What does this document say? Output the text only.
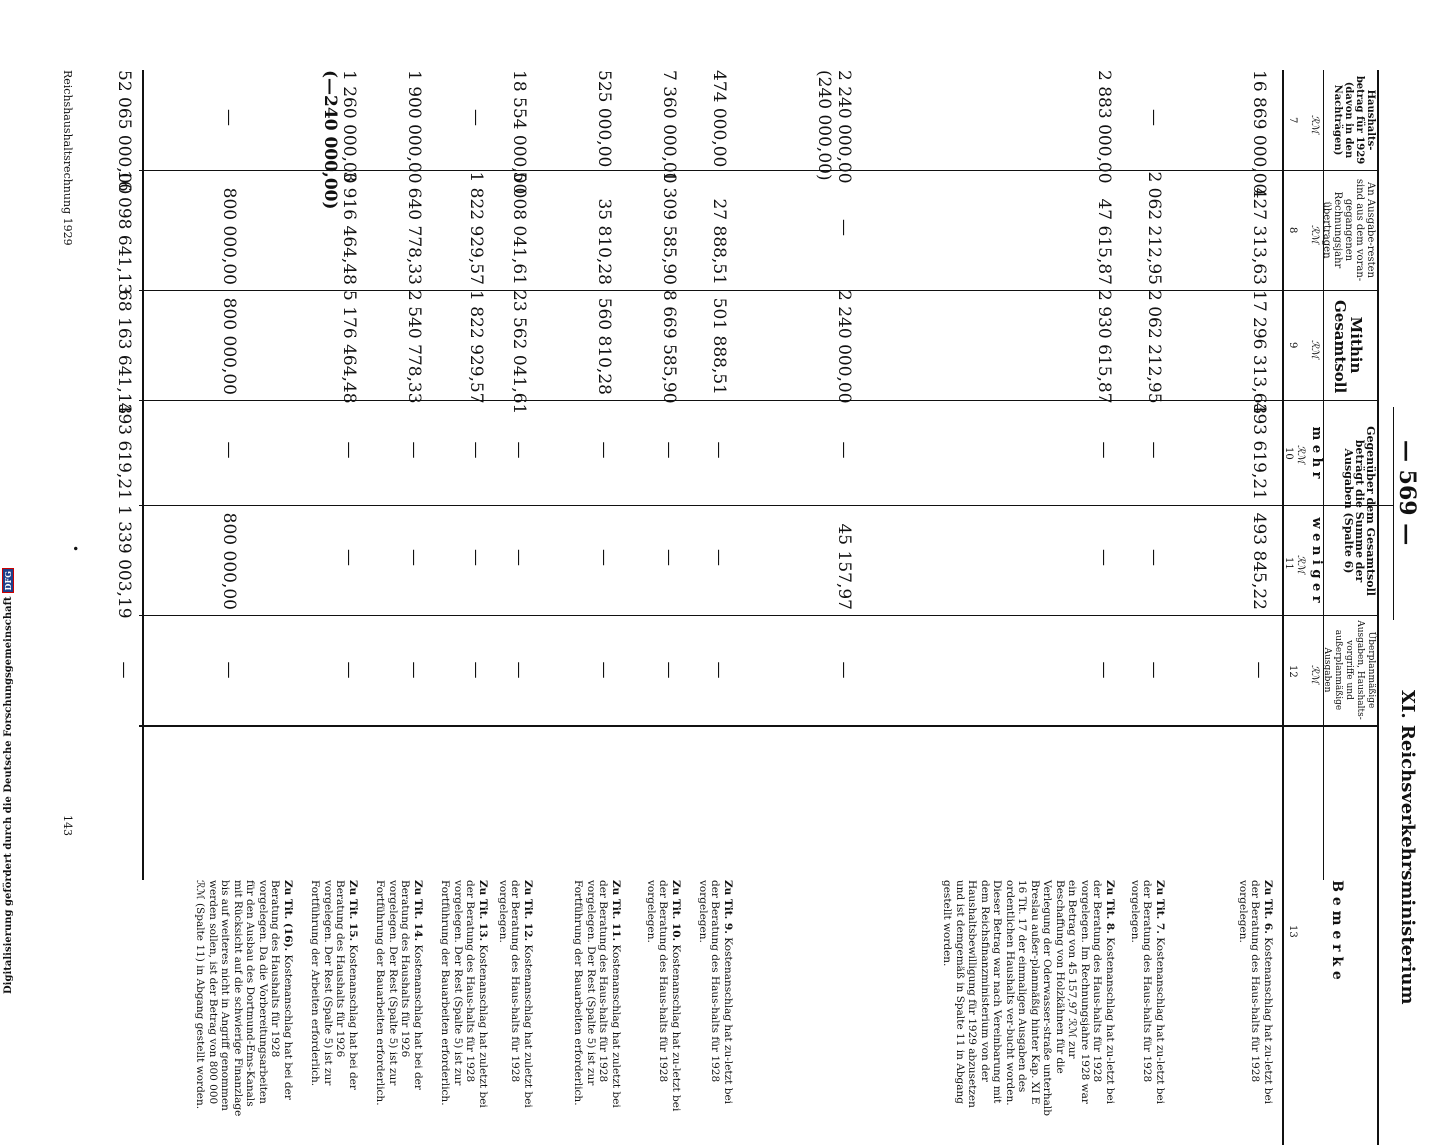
— 569 —
XI. Reichsverkehrsministerium
Haushalts-betrag für 1929 (davon in den Nachträgen)
An Ausgabe-resten sind aus dem voran-gegangenen Rechnungsjahr übertragen
Mithin Gesamtsoll
Gegenüber dem Gesamtsoll beträgt die Summe der Ausgaben (Spalte 6)
m e h r
w e n i g e r
Überplanmäßige Ausgaben, Haushalts-vorgriffe und außerplanmäßige Ausgaben
B e m e r k e
ℛℳ
ℛℳ
ℛℳ
ℛℳ
ℛℳ
ℛℳ
7
8
9
10
11
12
13
16 869 000,00
427 313,63
17 296 313,63
493 619,21
493 845,22
—
—
2 062 212,95
2 062 212,95
—
—
—
2 883 000,00
47 615,87
2 930 615,87
—
—
—
2 240 000,00
(240 000,00)
—
2 240 000,00
—
45 157,97
—
474 000,00
27 888,51
501 888,51
—
—
—
7 360 000,00
1 309 585,90
8 669 585,90
—
—
—
525 000,00
35 810,28
560 810,28
—
—
—
18 554 000,00
5 008 041,61
23 562 041,61
—
—
—
—
1 822 929,57
1 822 929,57
—
—
—
1 900 000,00
640 778,33
2 540 778,33
—
—
—
1 260 000,00
(—240 000,00)
3 916 464,48
5 176 464,48
—
—
—
—
800 000,00
800 000,00
—
800 000,00
—
52 065 000,00
16 098 641,13
68 163 641,13
493 619,21
1 339 003,19
—
Zu Tit. 6. Kostenanschlag hat zu-letzt bei der Beratung des Haus-halts für 1928 vorgelegen.
Zu Tit. 7. Kostenanschlag hat zu-letzt bei der Beratung des Haus-halts für 1928 vorgelegen.
Zu Tit. 8. Kostenanschlag hat zu-letzt bei der Beratung des Haus-halts für 1928 vorgelegen. Im Rechnungsjahre 1928 war ein Betrag von 45 157,97 ℛℳ zur Beschaffung von Holzkähnen für die Verlegung der Oderwasser-straße unterhalb Breslau außer-planmäßig hinter Kap. XI E 16 Tit. 17 der einmaligen Ausgaben des ordentlichen Haushalts ver-bucht worden. Dieser Betrag war nach Vereinbarung mit dem Reichsfinanzministerium von der Haushaltsbewilligung für 1929 abzusetzen und ist demgemäß in Spalte 11 in Abgang gestellt worden.
Zu Tit. 9. Kostenanschlag hat zu-letzt bei der Beratung des Haus-halts für 1928 vorgelegen.
Zu Tit. 10. Kostenanschlag hat zu-letzt bei der Beratung des Haus-halts für 1928 vorgelegen.
Zu Tit. 11. Kostenanschlag hat zuletzt bei der Beratung des Haus-halts für 1928 vorgelegen. Der Rest (Spalte 5) ist zur Fortführung der Bauarbeiten erforderlich.
Zu Tit. 12. Kostenanschlag hat zuletzt bei der Beratung des Haus-halts für 1928 vorgelegen.
Zu Tit. 13. Kostenanschlag hat zuletzt bei der Beratung des Haus-halts für 1928 vorgelegen. Der Rest (Spalte 5) ist zur Fortführung der Bauarbeiten erforderlich.
Zu Tit. 14. Kostenanschlag hat bei der Beratung des Haushalts für 1926 vorgelegen. Der Rest (Spalte 5) ist zur Fortführung der Bauarbeiten erforderlich.
Zu Tit. 15. Kostenanschlag hat bei der Beratung des Haushalts für 1926 vorgelegen. Der Rest (Spalte 5) ist zur Fortführung der Arbeiten erforderlich.
Zu Tit. (16). Kostenanschlag hat bei der Beratung des Haushalts für 1928 vorgelegen. Da die Vorbereitungsarbeiten für den Ausbau des Dortmund-Ems-Kanals mit Rücksicht auf die schwierige Finanzlage bis auf weiteres nicht in Angriff genommen werden sollen, ist der Betrag von 800 000 ℛℳ (Spalte 11) in Abgang gestellt worden.
•
Reichshaushaltsrechnung 1929
143
Digitalisierung gefördert durch die Deutsche ForschungsgemeinschaftDFG
